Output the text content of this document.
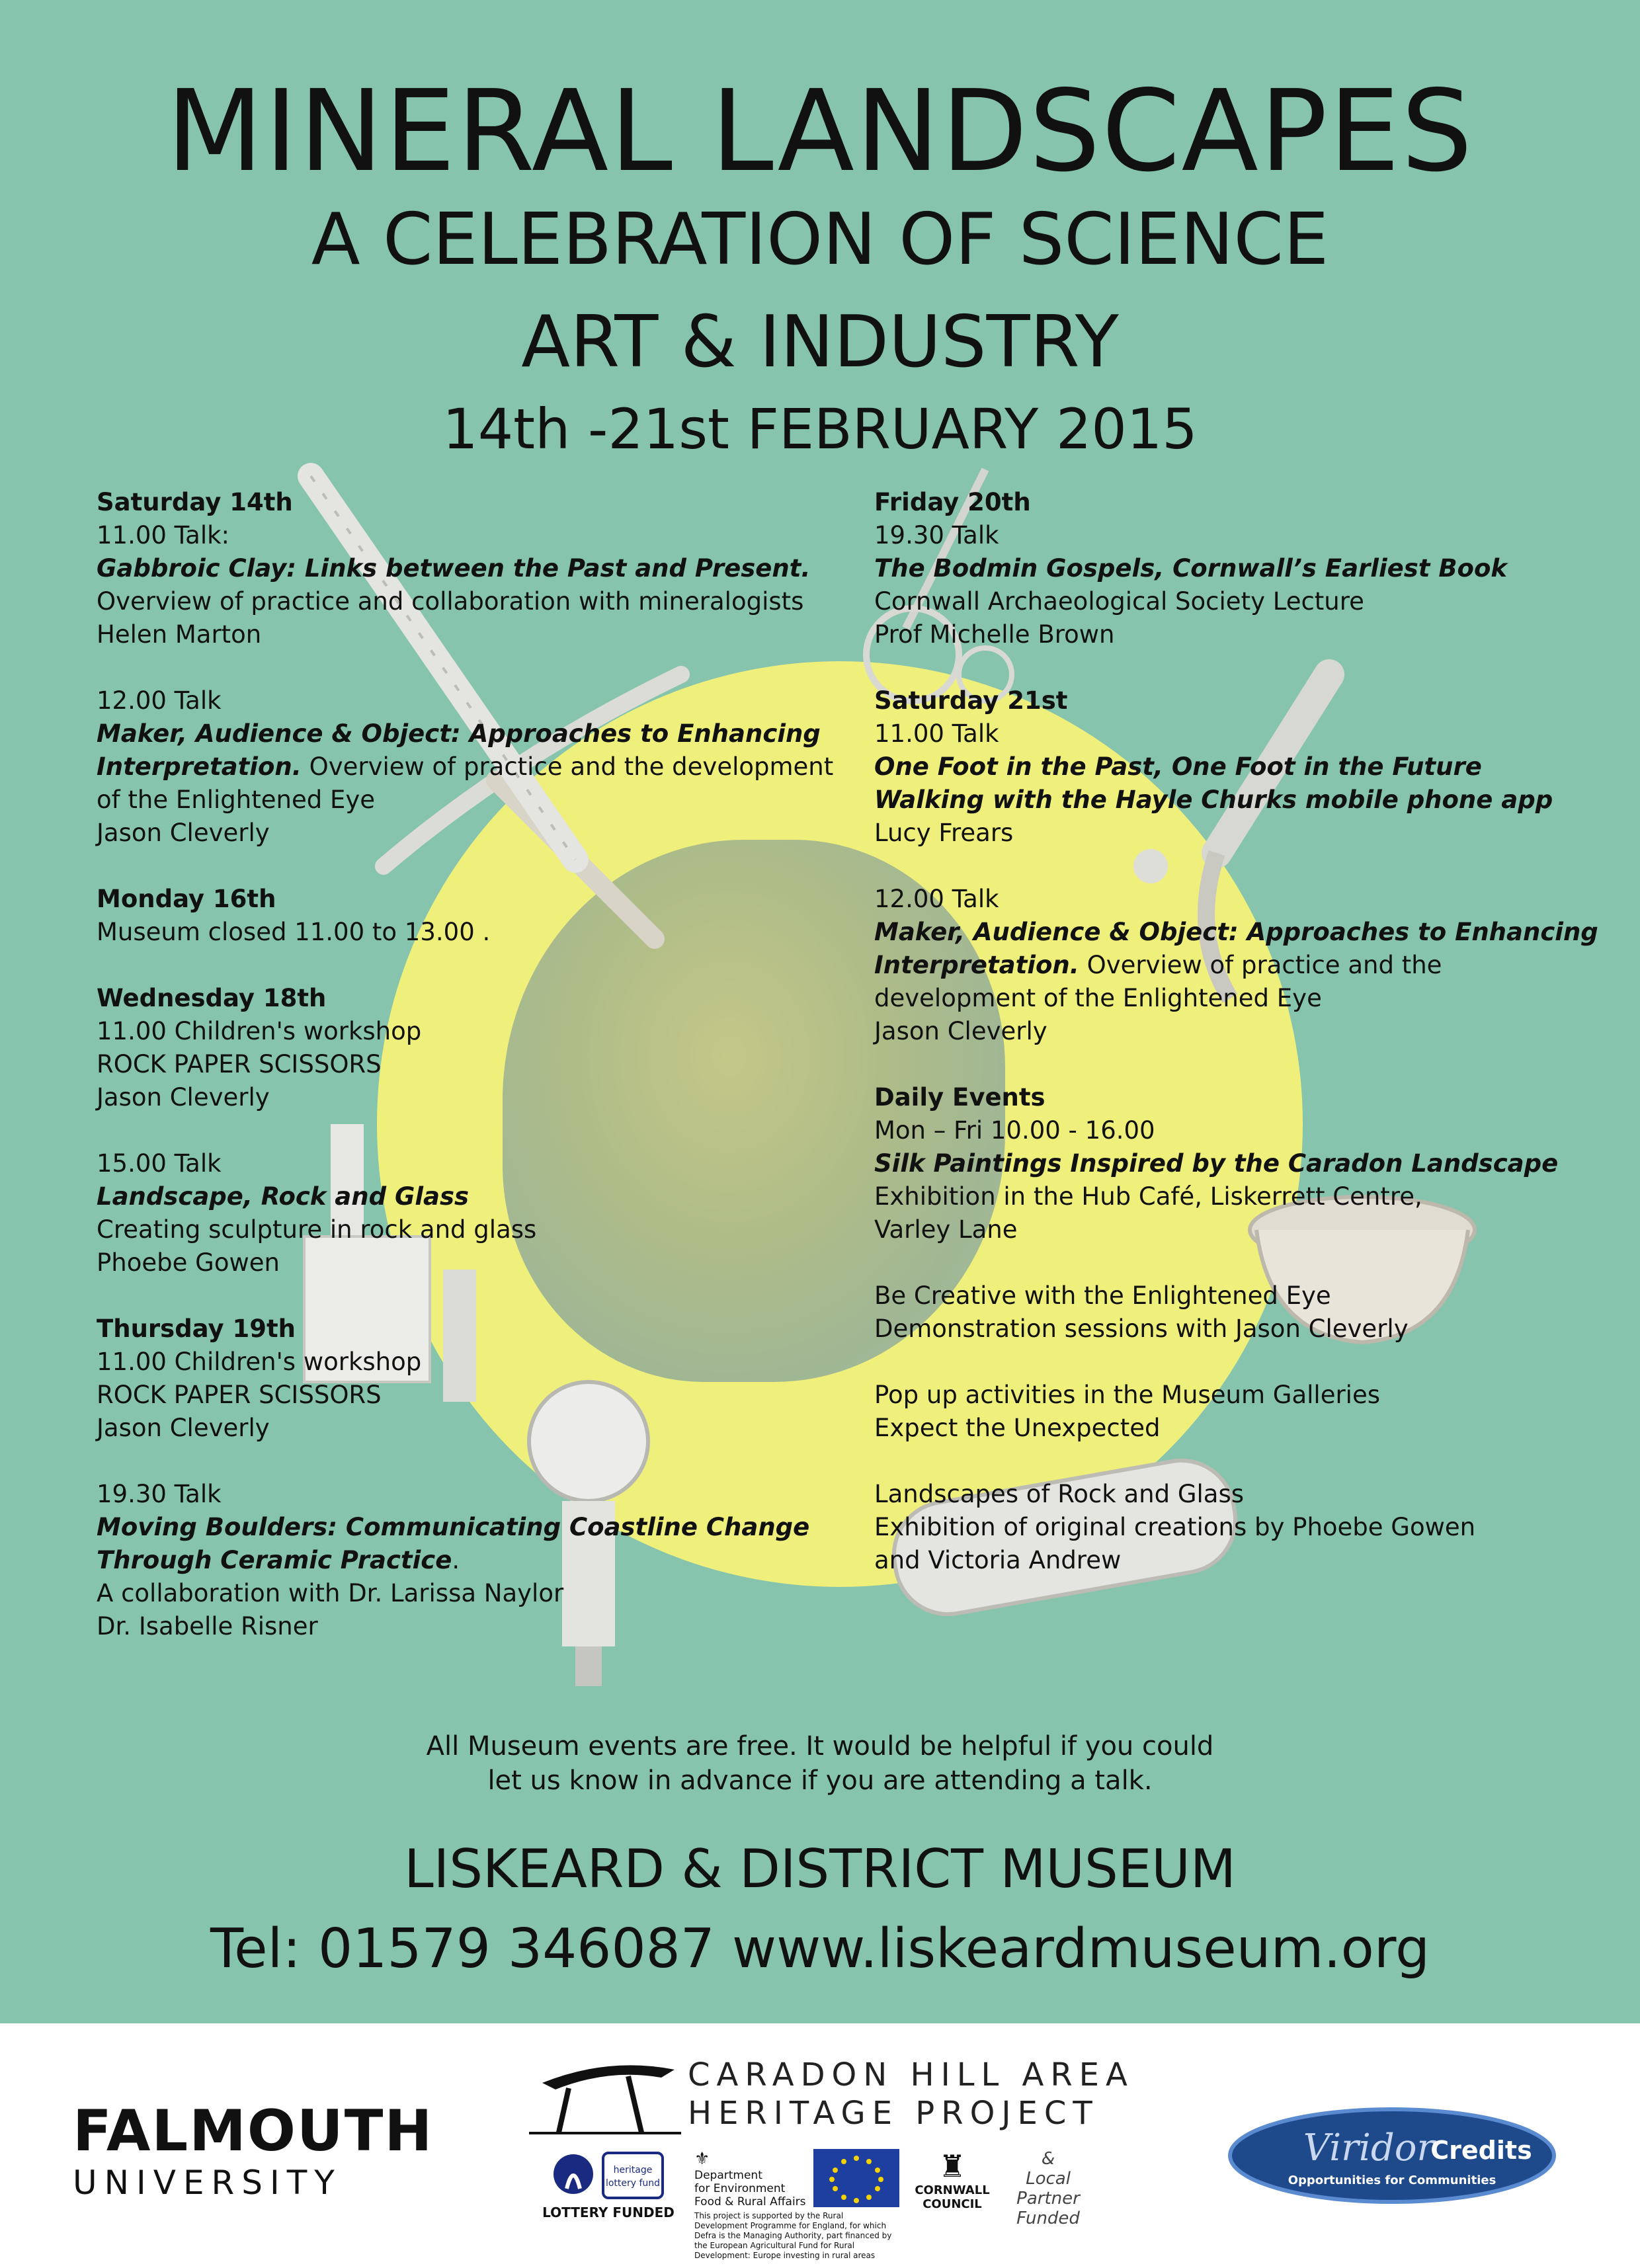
MINERAL LANDSCAPES
A CELEBRATION OF SCIENCE
ART & INDUSTRY
14th -21st FEBRUARY 2015

Saturday 14th

11.00 Talk:

Gabbroic Clay: Links between the Past and Present.

Overview of practice and collaboration with mineralogists

Helen Marton

12.00 Talk

Maker, Audience & Object: Approaches to Enhancing Interpretation. Overview of practice and the development of the Enlightened Eye

Jason Cleverly

Monday 16th

Museum closed 11.00 to 13.00 .

Wednesday 18th

11.00 Children's workshop

ROCK PAPER SCISSORS

Jason Cleverly

15.00 Talk

Landscape, Rock and Glass

Creating sculpture in rock and glass

Phoebe Gowen

Thursday 19th

11.00 Children's workshop

ROCK PAPER SCISSORS

Jason Cleverly

19.30 Talk

Moving Boulders: Communicating Coastline Change Through Ceramic Practice.

A collaboration with Dr. Larissa Naylor

Dr. Isabelle Risner

Friday 20th

19.30 Talk

The Bodmin Gospels, Cornwall’s Earliest Book

Cornwall Archaeological Society Lecture

Prof Michelle Brown

Saturday 21st

11.00 Talk

One Foot in the Past, One Foot in the Future

Walking with the Hayle Churks mobile phone app

Lucy Frears

12.00 Talk

Maker, Audience & Object: Approaches to Enhancing Interpretation. Overview of practice and the development of the Enlightened Eye

Jason Cleverly

Daily Events

Mon – Fri 10.00 - 16.00

Silk Paintings Inspired by the Caradon Landscape

Exhibition in the Hub Café, Liskerrett Centre,

Varley Lane

Be Creative with the Enlightened Eye

Demonstration sessions with Jason Cleverly

Pop up activities in the Museum Galleries

Expect the Unexpected

Landscapes of Rock and Glass

Exhibition of original creations by Phoebe Gowen

and Victoria Andrew

All Museum events are free. It would be helpful if you could
let us know in advance if you are attending a talk.
LISKEARD & DISTRICT MUSEUM
Tel: 01579 346087 www.liskeardmuseum.org
FALMOUTH
UNIVERSITY
CARADON HILL AREA
HERITAGE PROJECT

heritage
lottery fund
LOTTERY FUNDED
⚜
Department
for Environment
Food & Rural Affairs
This project is supported by the Rural Development Programme for England, for which Defra is the Managing Authority, part financed by the European Agricultural Fund for Rural Development: Europe investing in rural areas
♜
CORNWALL
COUNCIL
&
Local
Partner
Funded
Viridor
Credits
Opportunities for Communities
